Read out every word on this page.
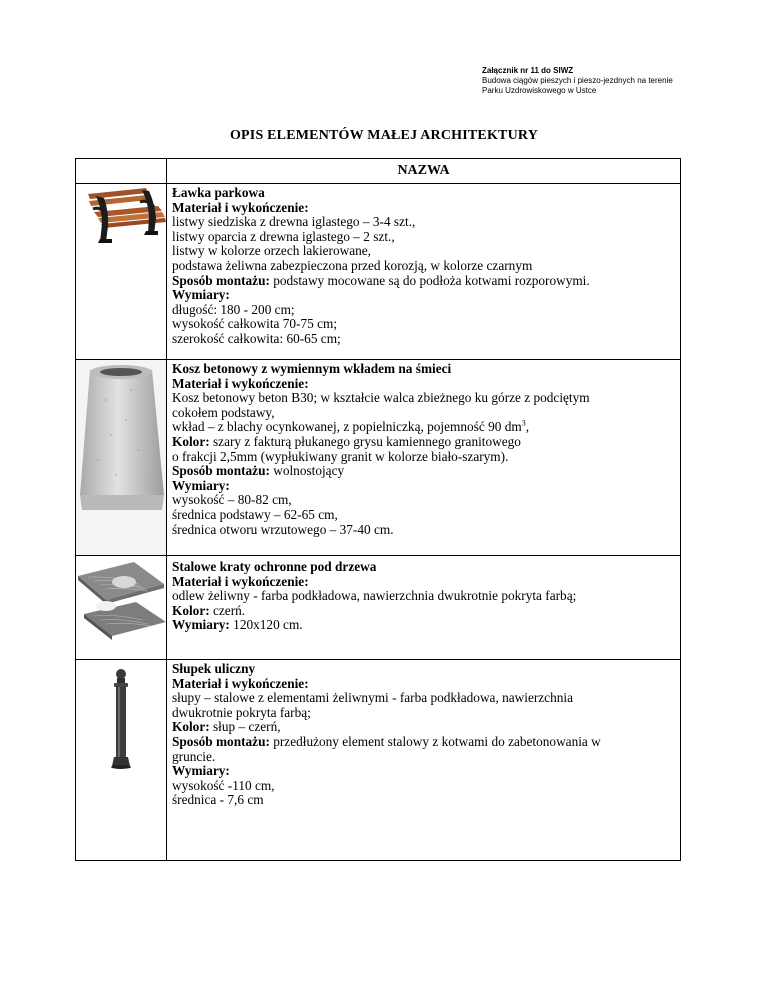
Załącznik nr 11 do SIWZ
Budowa ciągów pieszych i pieszo-jezdnych na terenie
Parku Uzdrowiskowego w Ustce
OPIS ELEMENTÓW MAŁEJ ARCHITEKTURY
NAZWA

Ławka parkowa

Materiał i wykończenie:

listwy siedziska z drewna iglastego – 3-4 szt.,

listwy oparcia z drewna iglastego – 2 szt.,

listwy w kolorze orzech lakierowane,

podstawa żeliwna zabezpieczona przed korozją, w kolorze czarnym

Sposób montażu: podstawy mocowane są do podłoża kotwami rozporowymi.

Wymiary:

długość: 180 - 200 cm;

wysokość całkowita 70-75 cm;

szerokość całkowita: 60-65 cm;

Kosz betonowy z wymiennym wkładem na śmieci

Materiał i wykończenie:

Kosz betonowy beton B30; w kształcie walca zbieżnego ku górze z podciętym

cokołem podstawy,

wkład – z blachy ocynkowanej, z popielniczką, pojemność 90 $dm^3$,

Kolor: szary z fakturą płukanego grysu kamiennego granitowego

o frakcji 2,5mm (wypłukiwany granit w kolorze biało-szarym).

Sposób montażu: wolnostojący

Wymiary:

wysokość – 80-82 cm,

średnica podstawy – 62-65 cm,

średnica otworu wrzutowego – 37-40 cm.

Stalowe kraty ochronne pod drzewa

Materiał i wykończenie:

odlew żeliwny - farba podkładowa, nawierzchnia dwukrotnie pokryta farbą;

Kolor: czerń.

Wymiary: 120x120 cm.

Słupek uliczny

Materiał i wykończenie:

słupy – stalowe z elementami żeliwnymi - farba podkładowa, nawierzchnia

dwukrotnie pokryta farbą;

Kolor: słup – czerń,

Sposób montażu: przedłużony element stalowy z kotwami do zabetonowania w

gruncie.

Wymiary:

wysokość -110 cm,

średnica - 7,6 cm
